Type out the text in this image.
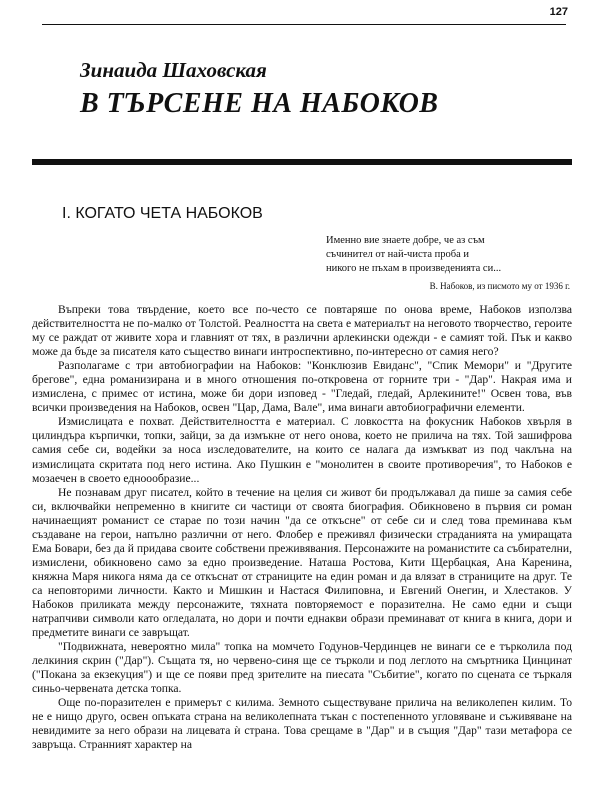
127
Зинаида Шаховская
В ТЪРСЕНЕ НА НАБОКОВ
I. КОГАТО ЧЕТА НАБОКОВ
Именно вие знаете добре, че аз съм
съчинител от най-чиста проба и
никого не пъхам в произведенията си...
В. Набоков, из писмото му от 1936 г.

Въпреки това твърдение, което все по-често се повтаряше по онова време, Набоков използва действителността не по-малко от Толстой. Реалността на света е материалът на неговото творчество, героите му се раждат от живите хора и главният от тях, в различни арлекински одежди - е самият той. Пък и какво може да бъде за писателя като същество винаги интроспективно, по-интересно от самия него?

Разполагаме с три автобиографии на Набоков: "Конклюзив Евиданс", "Спик Мемори" и "Другите брегове", една романизирана и в много отношения по-откровена от горните три - "Дар". Накрая има и измислена, с примес от истина, може би дори изповед - "Гледай, гледай, Арлекините!" Освен това, във всички произведения на Набоков, освен "Цар, Дама, Вале", има винаги автобиографични елементи.

Измислицата е похват. Действителността е материал. С ловкостта на фокусник Набоков хвърля в цилиндъра кърпички, топки, зайци, за да измъкне от него онова, което не прилича на тях. Той зашифрова самия себе си, водейки за носа изследователите, на които се налага да измъкват из под чаклъна на измислицата скритата под него истина. Ако Пушкин е "монолитен в своите противоречия", то Набоков е мозаечен в своето едноообразие...

Не познавам друг писател, който в течение на целия си живот би продължавал да пише за самия себе си, включвайки непременно в книгите си частици от своята биография. Обикновено в първия си роман начинаещият романист се старае по този начин "да се откъсне" от себе си и след това преминава към създаване на герои, напълно различни от него. Флобер е преживял физически страданията на умиращата Ема Бовари, без да й придава своите собствени преживявания. Персонажите на романистите са събирателни, измислени, обикновено само за едно произведение. Наташа Ростова, Кити Щербацкая, Ана Каренина, княжна Маря никога няма да се откъснат от страниците на един роман и да влязат в страниците на друг. Те са неповторими личности. Както и Мишкин и Настася Филиповна, и Евгений Онегин, и Хлестаков. У Набоков приликата между персонажите, тяхната повторяемост е поразителна. Не само едни и същи натрапчиви символи като огледалата, но дори и почти еднакви образи преминават от книга в книга, дори и предметите винаги се завръщат.

"Подвижната, невероятно мила" топка на момчето Годунов-Чердинцев не винаги се е търколила под лелкиния скрин ("Дар"). Същата тя, но червено-синя ще се търколи и под леглото на смъртника Цинцинат ("Покана за екзекуция") и ще се появи пред зрителите на пиесата "Събитие", когато по сцената се търкаля синьо-червената детска топка.

Още по-поразителен е примерът с килима. Земното съществуване прилича на великолепен килим. То не е нищо друго, освен опъката страна на великолепната тъкан с постепенното угловяване и съживяване на невидимите за него образи на лицевата ѝ страна. Това срещаме в "Дар" и в същия "Дар" тази метафора се завръща. Странният характер на
